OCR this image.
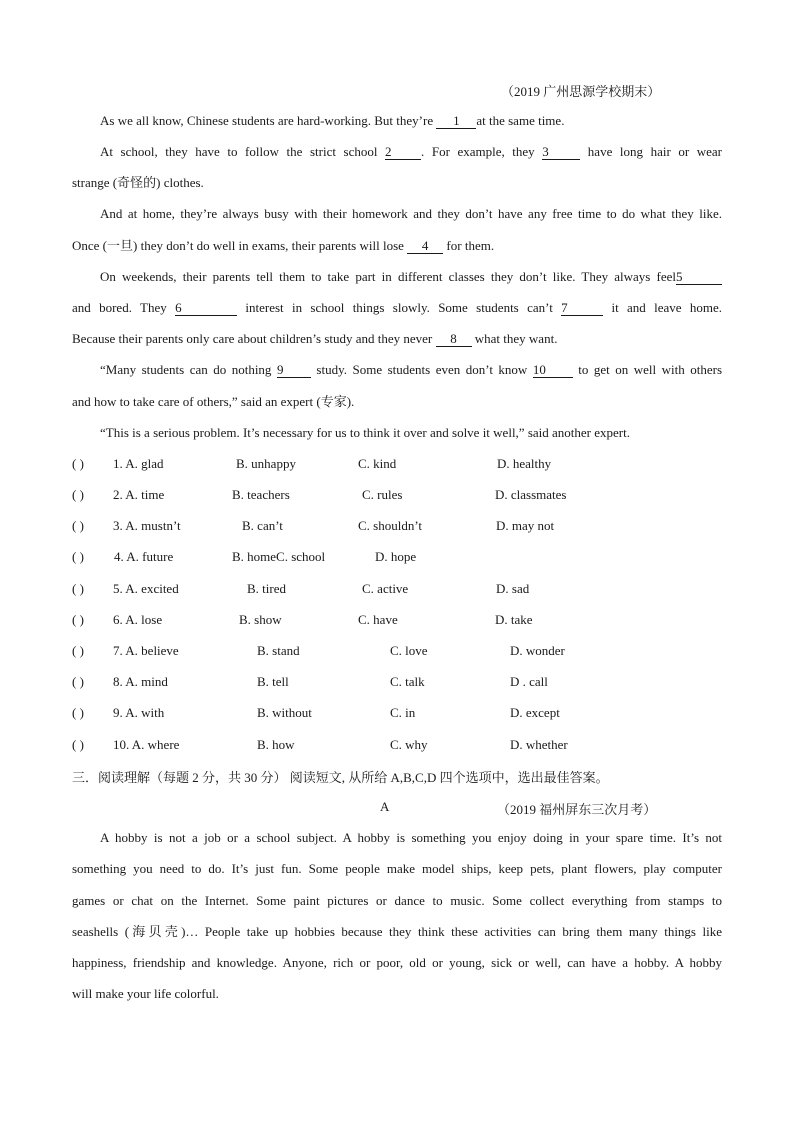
（2019 广州思源学校期末）
As we all know, Chinese students are hard-working. But they’re 1 at the same time.
At school, they have to follow the strict school 2 . For example, they 3 have long hair or wear
strange (奇怪的) clothes.
And at home, they’re always busy with their homework and they don’t have any free time to do what they like.
Once (一旦) they don’t do well in exams, their parents will lose 4 for them.
On weekends, their parents tell them to take part in different classes they don’t like. They always feel5
and bored. They 6	interest in school things slowly. Some students can’t 7	it and leave home.
Because their parents only care about children’s study and they never 8 what they want.
“Many students can do nothing 9 study. Some students even don’t know 10 to get on well with others
and how to take care of others,” said an expert (专家).
“This is a serious problem. It’s necessary for us to think it over and solve it well,” said another expert.
( ) 1. A. glad	B. unhappy	C. kind	D. healthy
( ) 2. A. time	B. teachers	C. rules	D. classmates
( ) 3. A. mustn’t	B. can’t	C. shouldn’t	D. may not
( ) 4. A. future	B. homeC. school	D. hope
( ) 5. A. excited	B. tired	C. active	D. sad
( ) 6. A. lose	B. show	C. have	D. take
( ) 7. A. believe	B. stand	C. love	D. wonder
( ) 8. A. mind	B. tell	C. talk	D . call
( ) 9. A. with	B. without	C. in	D. except
( ) 10. A. where	B. how	C. why	D. whether
三．阅读理解（每题 2 分，共 30 分） 阅读短文, 从所给 A,B,C,D 四个选项中，选出最佳答案。
A	（2019 福州屏东三次月考）
A hobby is not a job or a school subject. A hobby is something you enjoy doing in your spare time. It’s not
something you need to do. It’s just fun. Some people make model ships, keep pets, plant flowers, play computer
games or chat on the Internet. Some paint pictures or dance to music. Some collect everything from stamps to
seashells (海贝壳)… People take up hobbies because they think these activities can bring them many things like
happiness, friendship and knowledge. Anyone, rich or poor, old or young, sick or well, can have a hobby. A hobby
will make your life colorful.
